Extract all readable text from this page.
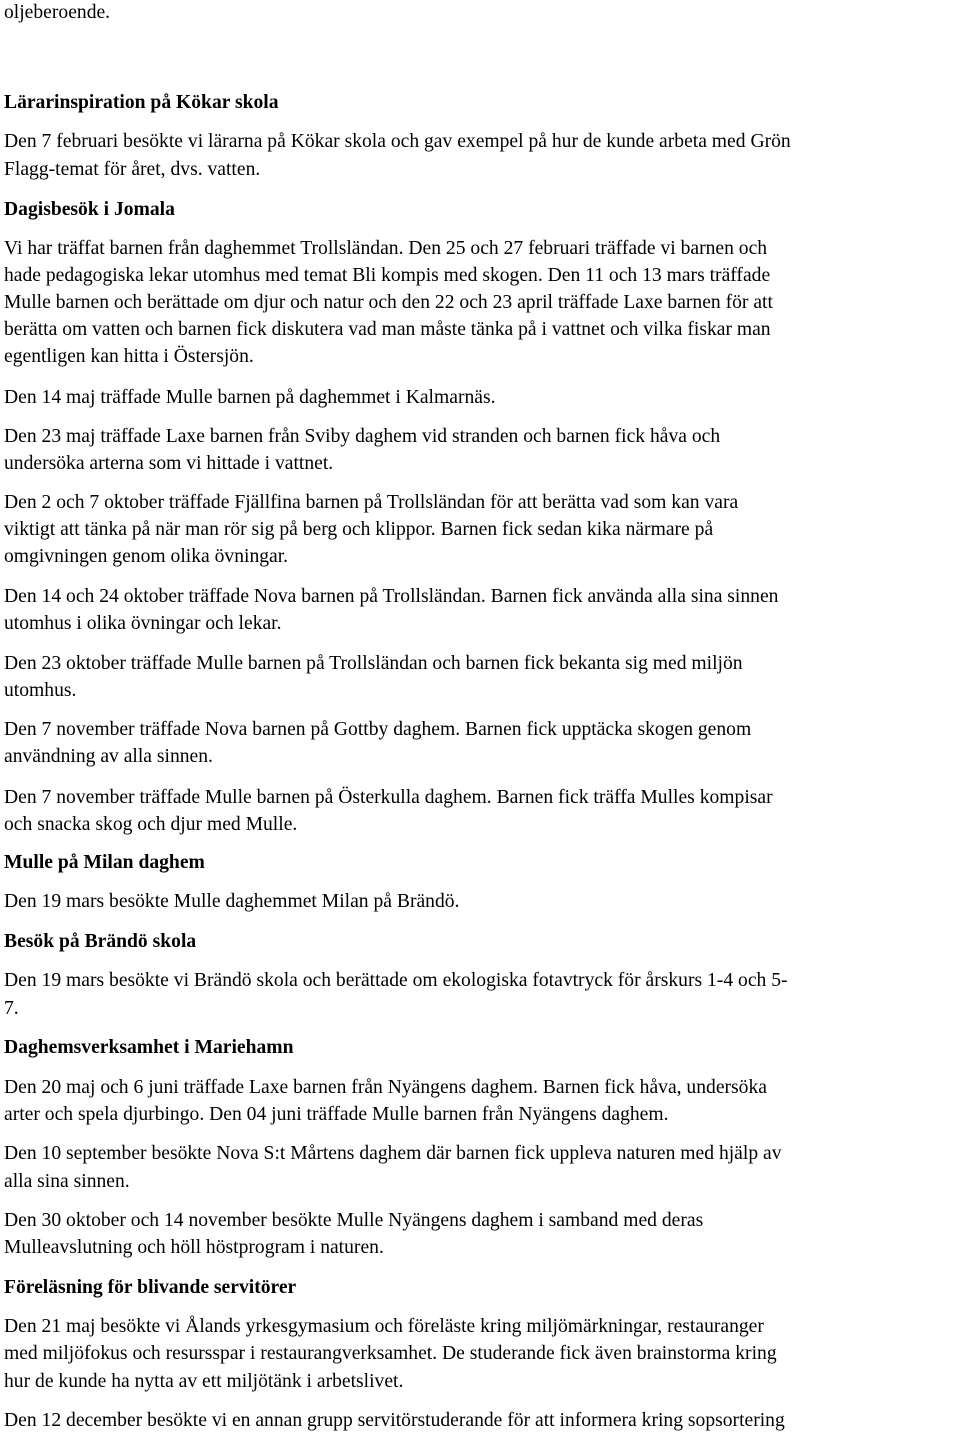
oljeberoende.
Lärarinspiration på Kökar skola
Den 7 februari besökte vi lärarna på Kökar skola och gav exempel på hur de kunde arbeta med Grön
Flagg-temat för året, dvs. vatten.
Dagisbesök i Jomala
Vi har träffat barnen från daghemmet Trollsländan. Den 25 och 27 februari träffade vi barnen och
hade pedagogiska lekar utomhus med temat Bli kompis med skogen. Den 11 och 13 mars träffade
Mulle barnen och berättade om djur och natur och den 22 och 23 april träffade Laxe barnen för att
berätta om vatten och barnen fick diskutera vad man måste tänka på i vattnet och vilka fiskar man
egentligen kan hitta i Östersjön.
Den 14 maj träffade Mulle barnen på daghemmet i Kalmarnäs.
Den 23 maj träffade Laxe barnen från Sviby daghem vid stranden och barnen fick håva och
undersöka arterna som vi hittade i vattnet.
Den 2 och 7 oktober träffade Fjällfina barnen på Trollsländan för att berätta vad som kan vara
viktigt att tänka på när man rör sig på berg och klippor. Barnen fick sedan kika närmare på
omgivningen genom olika övningar.
Den 14 och 24 oktober träffade Nova barnen på Trollsländan. Barnen fick använda alla sina sinnen
utomhus i olika övningar och lekar.
Den 23 oktober träffade Mulle barnen på Trollsländan och barnen fick bekanta sig med miljön
utomhus.
Den 7 november träffade Nova barnen på Gottby daghem. Barnen fick upptäcka skogen genom
användning av alla sinnen.
Den 7 november träffade Mulle barnen på Österkulla daghem. Barnen fick träffa Mulles kompisar
och snacka skog och djur med Mulle.
Mulle på Milan daghem
Den 19 mars besökte Mulle daghemmet Milan på Brändö.
Besök på Brändö skola
Den 19 mars besökte vi Brändö skola och berättade om ekologiska fotavtryck för årskurs 1-4 och 5-
7.
Daghemsverksamhet i Mariehamn
Den 20 maj och 6 juni träffade Laxe barnen från Nyängens daghem. Barnen fick håva, undersöka
arter och spela djurbingo. Den 04 juni träffade Mulle barnen från Nyängens daghem.
Den 10 september besökte Nova S:t Mårtens daghem där barnen fick uppleva naturen med hjälp av
alla sina sinnen.
Den 30 oktober och 14 november besökte Mulle Nyängens daghem i samband med deras
Mulleavslutning och höll höstprogram i naturen.
Föreläsning för blivande servitörer
Den 21 maj besökte vi Ålands yrkesgymasium och föreläste kring miljömärkningar, restauranger
med miljöfokus och resursspar i restaurangverksamhet. De studerande fick även brainstorma kring
hur de kunde ha nytta av ett miljötänk i arbetslivet.
Den 12 december besökte vi en annan grupp servitörstuderande för att informera kring sopsortering
